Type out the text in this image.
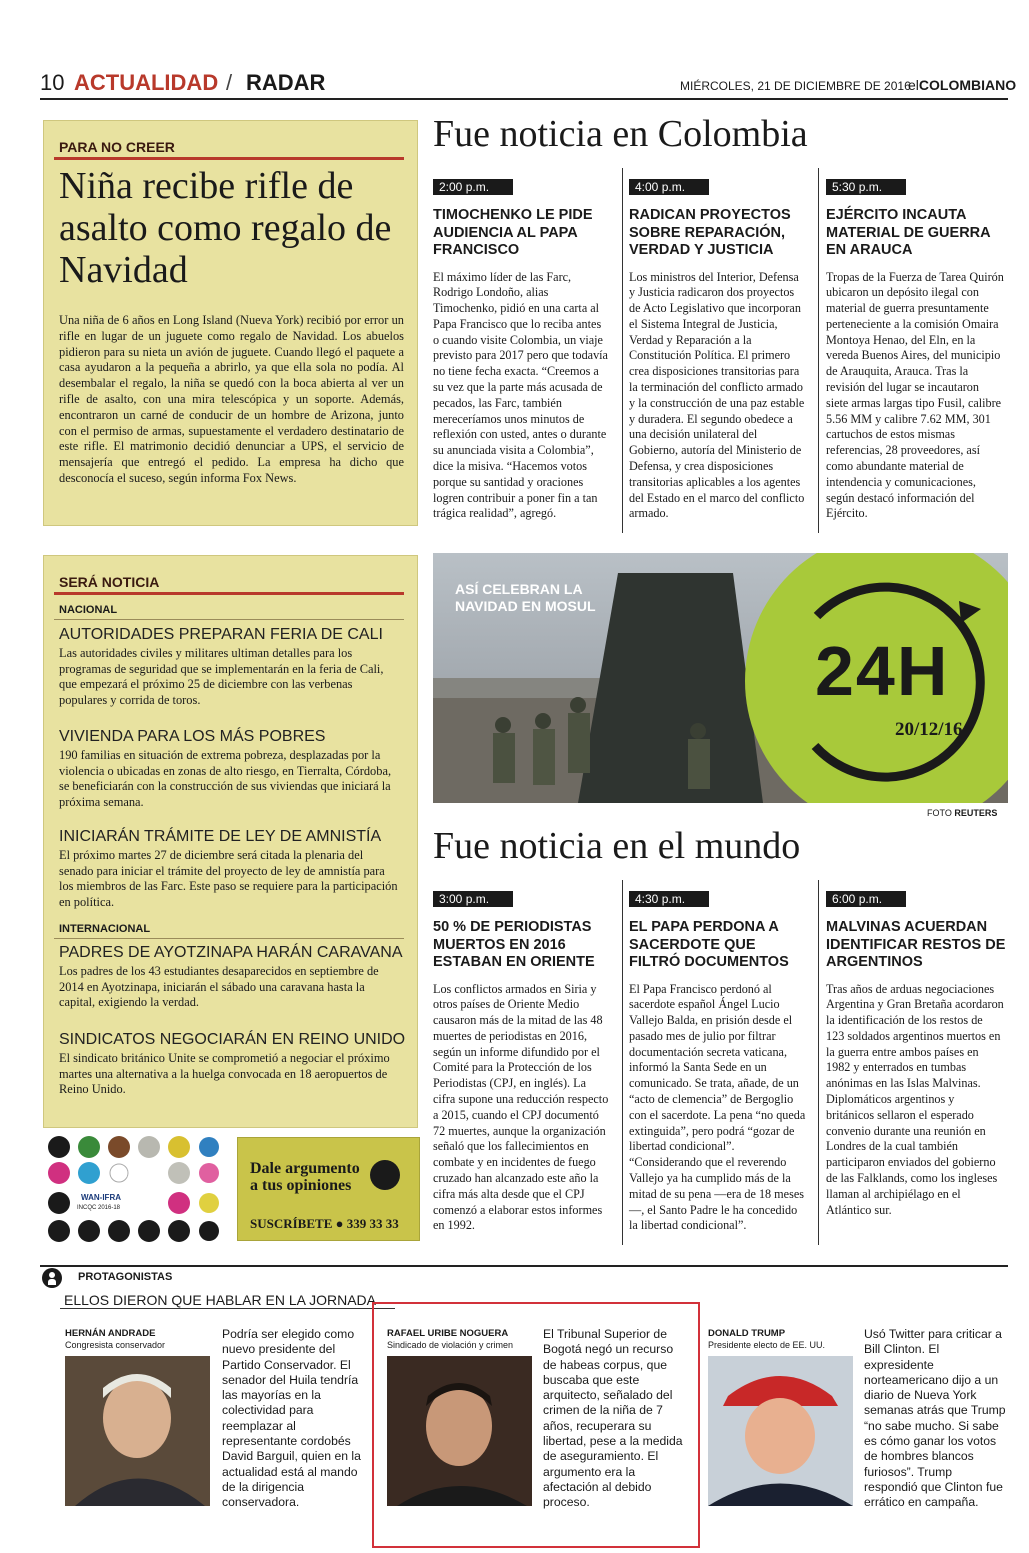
10 ACTUALIDAD / RADAR	MIÉRCOLES, 21 DE DICIEMBRE DE 2016
elCOLOMBIANO
PARA NO CREER
Niña recibe rifle de asalto como regalo de Navidad
Una niña de 6 años en Long Island (Nueva York) recibió por error un rifle en lugar de un juguete como regalo de Navidad. Los abuelos pidieron para su nieta un avión de juguete. Cuando llegó el paquete a casa ayudaron a la pequeña a abrirlo, ya que ella sola no podía. Al desembalar el regalo, la niña se quedó con la boca abierta al ver un rifle de asalto, con una mira telescópica y un soporte. Además, encontraron un carné de conducir de un hombre de Arizona, junto con el permiso de armas, supuestamente el verdadero destinatario de este rifle. El matrimonio decidió denunciar a UPS, el servicio de mensajería que entregó el pedido. La empresa ha dicho que desconocía el suceso, según informa Fox News.
SERÁ NOTICIA
NACIONAL
AUTORIDADES PREPARAN FERIA DE CALI
Las autoridades civiles y militares ultiman detalles para los programas de seguridad que se implementarán en la feria de Cali, que empezará el próximo 25 de diciembre con las verbenas populares y corrida de toros.
VIVIENDA PARA LOS MÁS POBRES
190 familias en situación de extrema pobreza, desplazadas por la violencia o ubicadas en zonas de alto riesgo, en Tierralta, Córdoba, se beneficiarán con la construcción de sus viviendas que iniciará la próxima semana.
INICIARÁN TRÁMITE DE LEY DE AMNISTÍA
El próximo martes 27 de diciembre será citada la plenaria del senado para iniciar el trámite del proyecto de ley de amnistía para los miembros de las Farc. Este paso se requiere para la participación en política.
INTERNACIONAL
PADRES DE AYOTZINAPA HARÁN CARAVANA
Los padres de los 43 estudiantes desaparecidos en septiembre de 2014 en Ayotzinapa, iniciarán el sábado una caravana hasta la capital, exigiendo la verdad.
SINDICATOS NEGOCIARÁN EN REINO UNIDO
El sindicato británico Unite se comprometió a negociar el próximo martes una alternativa a la huelga convocada en 18 aeropuertos de Reino Unido.
Fue noticia en Colombia
2:00 p.m.
TIMOCHENKO LE PIDE AUDIENCIA AL PAPA FRANCISCO
El máximo líder de las Farc, Rodrigo Londoño, alias Timochenko, pidió en una carta al Papa Francisco que lo reciba antes o cuando visite Colombia, un viaje previsto para 2017 pero que todavía no tiene fecha exacta. “Creemos a su vez que la parte más acusada de pecados, las Farc, también mereceríamos unos minutos de reflexión con usted, antes o durante su anunciada visita a Colombia”, dice la misiva. “Hacemos votos porque su santidad y oraciones logren contribuir a poner fin a tan trágica realidad”, agregó.
4:00 p.m.
RADICAN PROYECTOS SOBRE REPARACIÓN, VERDAD Y JUSTICIA
Los ministros del Interior, Defensa y Justicia radicaron dos proyectos de Acto Legislativo que incorporan el Sistema Integral de Justicia, Verdad y Reparación a la Constitución Política. El primero crea disposiciones transitorias para la terminación del conflicto armado y la construcción de una paz estable y duradera. El segundo obedece a una decisión unilateral del Gobierno, autoría del Ministerio de Defensa, y crea disposiciones transitorias aplicables a los agentes del Estado en el marco del conflicto armado.
5:30 p.m.
EJÉRCITO INCAUTA MATERIAL DE GUERRA EN ARAUCA
Tropas de la Fuerza de Tarea Quirón ubicaron un depósito ilegal con material de guerra presuntamente perteneciente a la comisión Omaira Montoya Henao, del Eln, en la vereda Buenos Aires, del municipio de Arauquita, Arauca. Tras la revisión del lugar se incautaron siete armas largas tipo Fusil, calibre 5.56 MM y calibre 7.62 MM, 301 cartuchos de estos mismas referencias, 28 proveedores, así como abundante material de intendencia y comunicaciones, según destacó información del Ejército.
ASÍ CELEBRAN LA
NAVIDAD EN MOSUL
24H
20/12/16
FOTO REUTERS
Fue noticia en el mundo
3:00 p.m.
50 % DE PERIODISTAS MUERTOS EN 2016 ESTABAN EN ORIENTE
Los conflictos armados en Siria y otros países de Oriente Medio causaron más de la mitad de las 48 muertes de periodistas en 2016, según un informe difundido por el Comité para la Protección de los Periodistas (CPJ, en inglés). La cifra supone una reducción respecto a 2015, cuando el CPJ documentó 72 muertes, aunque la organización señaló que los fallecimientos en combate y en incidentes de fuego cruzado han alcanzado este año la cifra más alta desde que el CPJ comenzó a elaborar estos informes en 1992.
4:30 p.m.
EL PAPA PERDONA A SACERDOTE QUE FILTRÓ DOCUMENTOS
El Papa Francisco perdonó al sacerdote español Ángel Lucio Vallejo Balda, en prisión desde el pasado mes de julio por filtrar documentación secreta vaticana, informó la Santa Sede en un comunicado. Se trata, añade, de un “acto de clemencia” de Bergoglio con el sacerdote. La pena “no queda extinguida”, pero podrá “gozar de libertad condicional”. “Considerando que el reverendo Vallejo ya ha cumplido más de la mitad de su pena —era de 18 meses—, el Santo Padre le ha concedido la libertad condicional”.
6:00 p.m.
MALVINAS ACUERDAN IDENTIFICAR RESTOS DE ARGENTINOS
Tras años de arduas negociaciones Argentina y Gran Bretaña acordaron la identificación de los restos de 123 soldados argentinos muertos en la guerra entre ambos países en 1982 y enterrados en tumbas anónimas en las Islas Malvinas. Diplomáticos argentinos y británicos sellaron el esperado convenio durante una reunión en Londres de la cual también participaron enviados del gobierno de las Falklands, como los ingleses llaman al archipiélago en el Atlántico sur.
WAN-IFRA
INCQC 2016-18
Dale argumento
a tus opiniones
SUSCRÍBETE ● 339 33 33
PROTAGONISTAS
ELLOS DIERON QUE HABLAR EN LA JORNADA
HERNÁN ANDRADE
Congresista conservador
Podría ser elegido como nuevo presidente del Partido Conservador. El senador del Huila tendría las mayorías en la colectividad para reemplazar al representante cordobés David Barguil, quien en la actualidad está al mando de la dirigencia conservadora.
RAFAEL URIBE NOGUERA
Sindicado de violación y crimen
El Tribunal Superior de Bogotá negó un recurso de habeas corpus, que buscaba que este arquitecto, señalado del crimen de la niña de 7 años, recuperara su libertad, pese a la medida de aseguramiento. El argumento era la afectación al debido proceso.
DONALD TRUMP
Presidente electo de EE. UU.
Usó Twitter para criticar a Bill Clinton. El expresidente norteamericano dijo a un diario de Nueva York semanas atrás que Trump “no sabe mucho. Si sabe es cómo ganar los votos de hombres blancos furiosos”. Trump respondió que Clinton fue errático en campaña.
